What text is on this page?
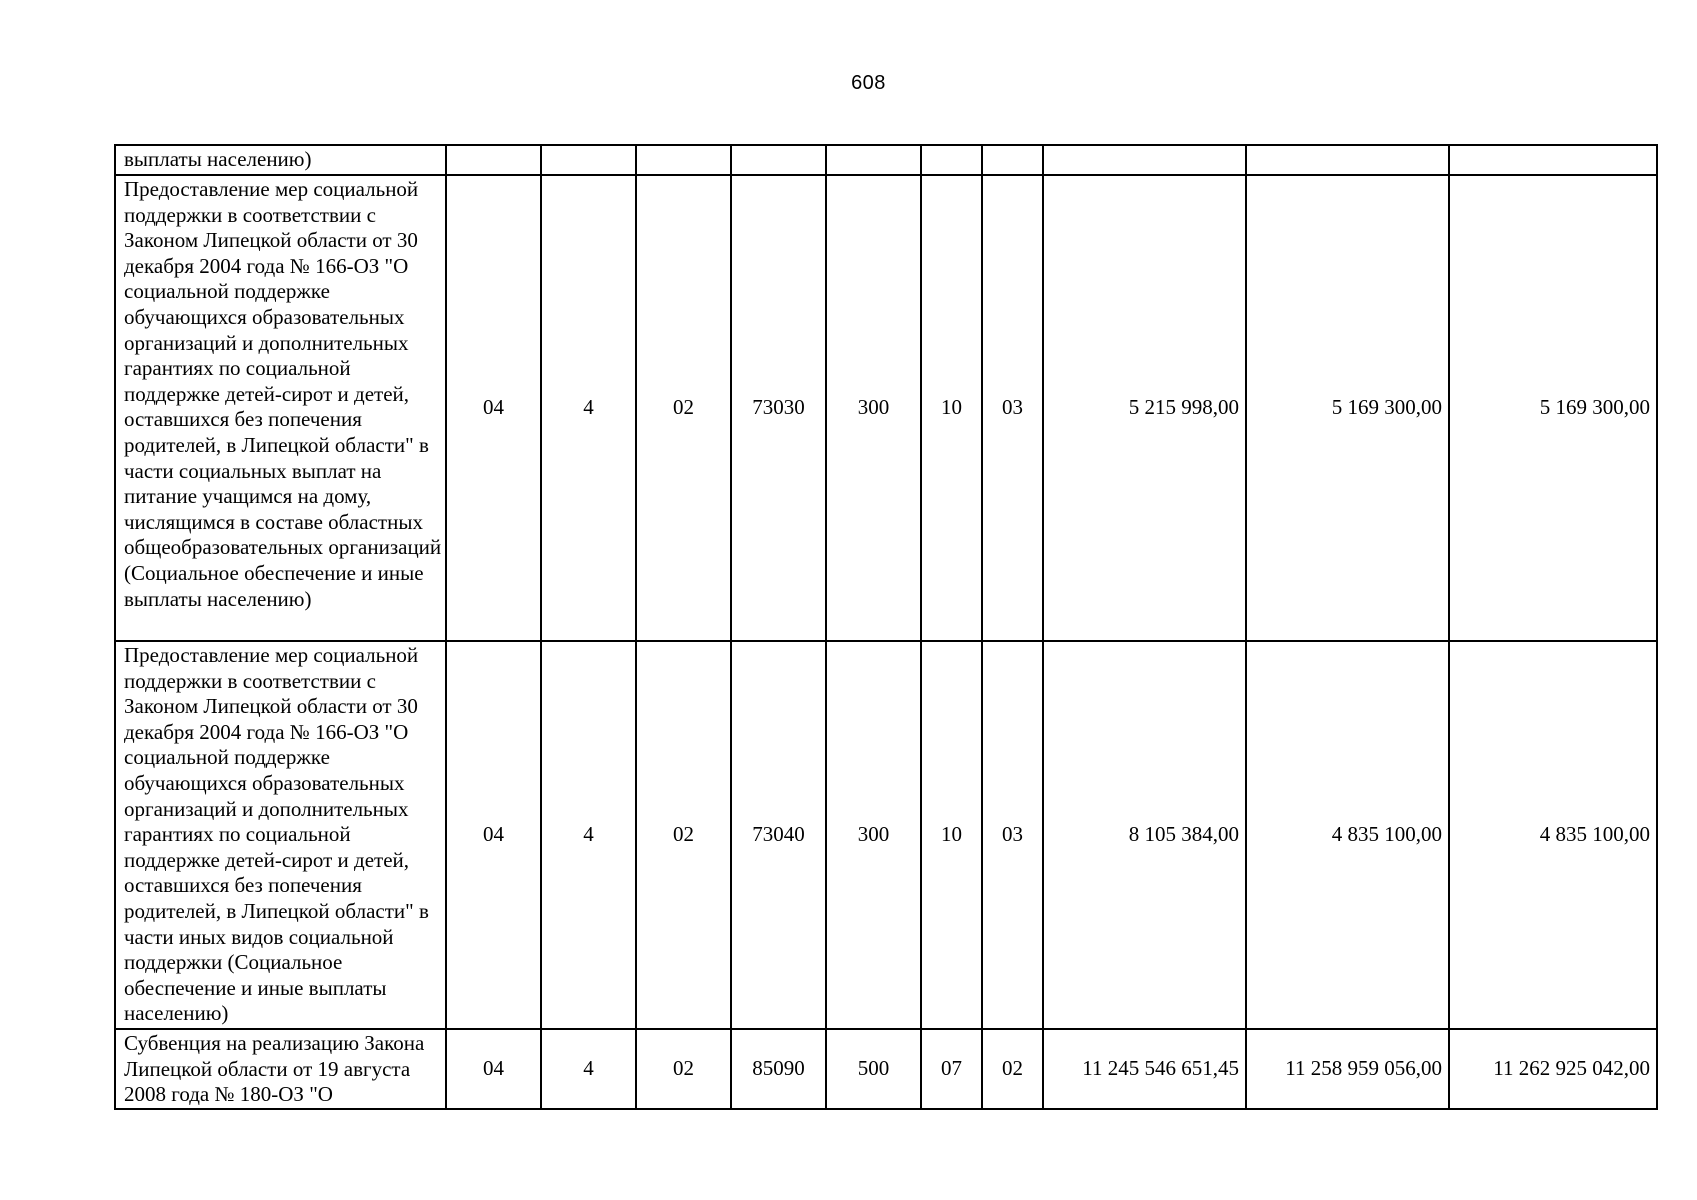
608
выплаты населению)										
Предоставление мер социальной поддержки в соответствии с Законом Липецкой области от 30 декабря 2004 года № 166-ОЗ "О социальной поддержке обучающихся образовательных организаций и дополнительных гарантиях по социальной поддержке детей-сирот и детей, оставшихся без попечения родителей, в Липецкой области" в части социальных выплат на питание учащимся на дому, числящимся в составе областных общеобразовательных организаций (Социальное обеспечение и иные выплаты населению)	04	4	02	73030	300	10	03	5 215 998,00	5 169 300,00	5 169 300,00
Предоставление мер социальной поддержки в соответствии с Законом Липецкой области от 30 декабря 2004 года № 166-ОЗ "О социальной поддержке обучающихся образовательных организаций и дополнительных гарантиях по социальной поддержке детей-сирот и детей, оставшихся без попечения родителей, в Липецкой области" в части иных видов социальной поддержки (Социальное обеспечение и иные выплаты населению)	04	4	02	73040	300	10	03	8 105 384,00	4 835 100,00	4 835 100,00
Субвенция на реализацию Закона Липецкой области от 19 августа 2008 года № 180-ОЗ "О	04	4	02	85090	500	07	02	11 245 546 651,45	11 258 959 056,00	11 262 925 042,00
